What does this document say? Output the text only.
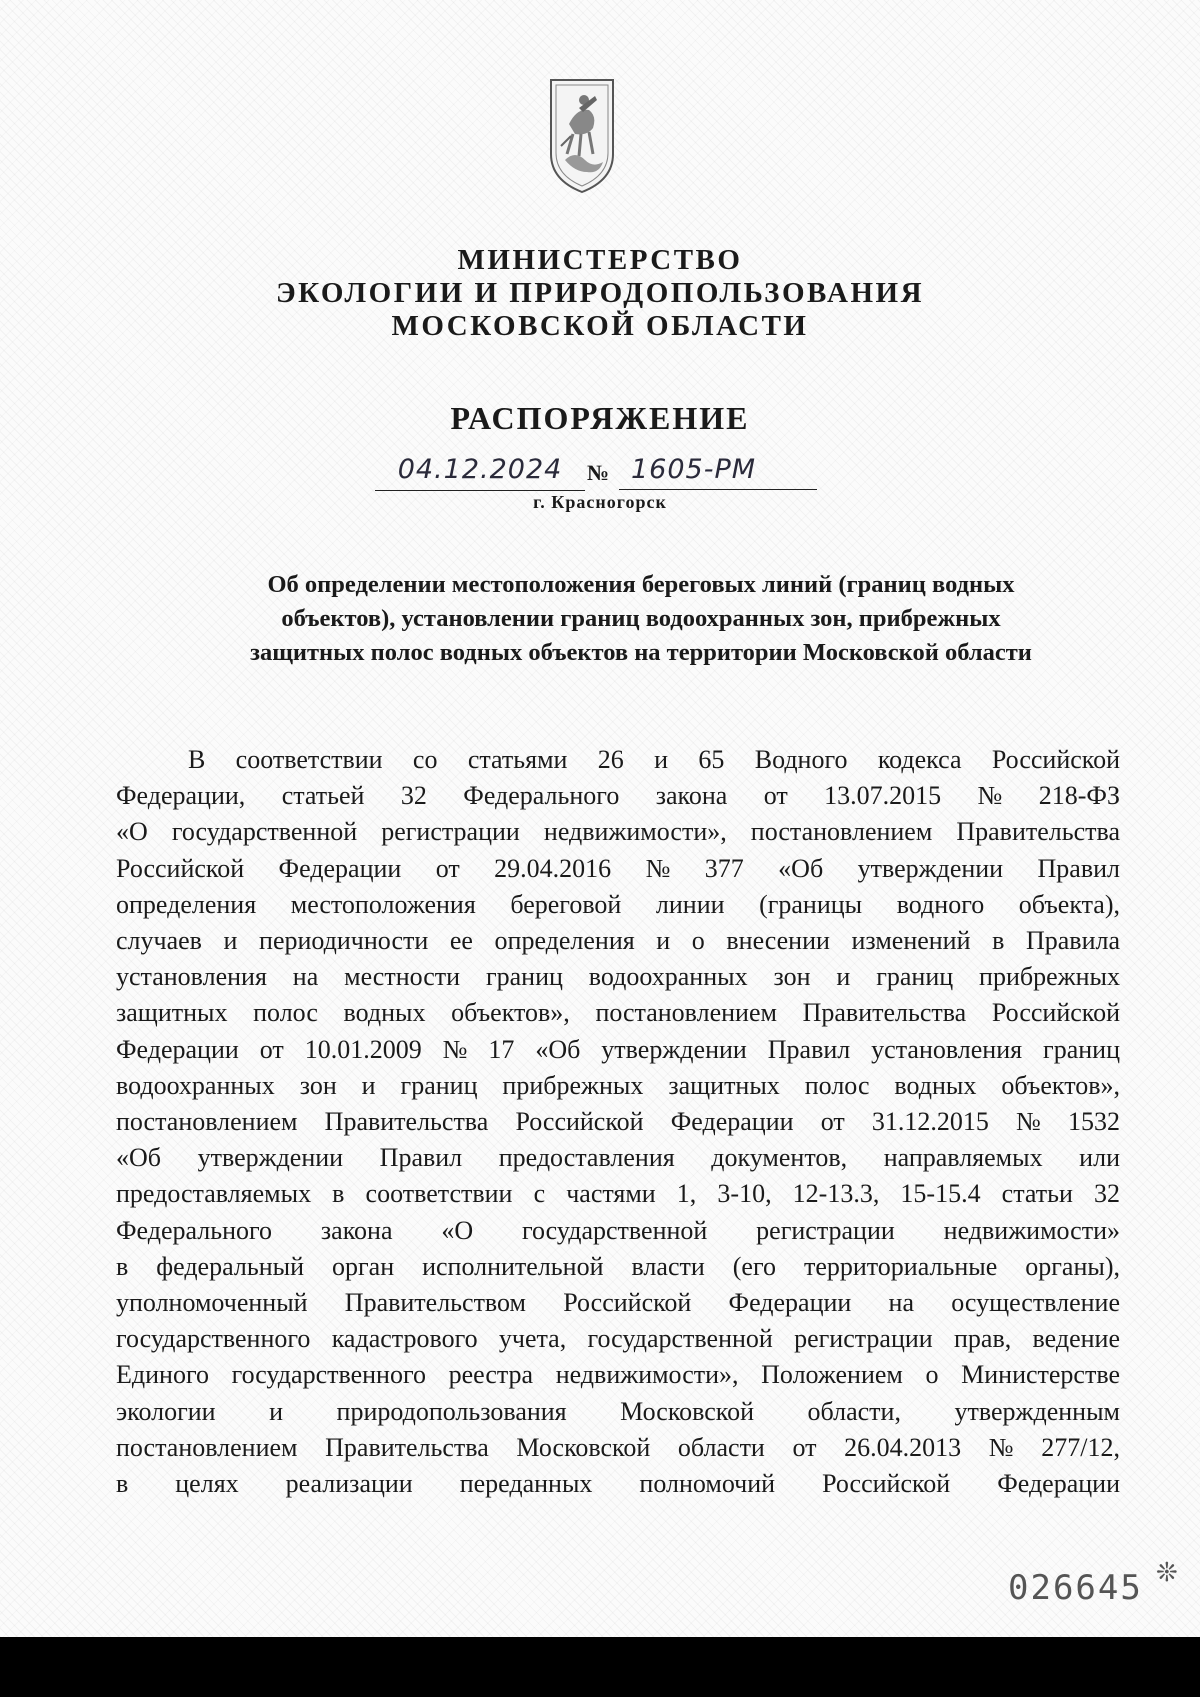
МИНИСТЕРСТВО
ЭКОЛОГИИ И ПРИРОДОПОЛЬЗОВАНИЯ
МОСКОВСКОЙ ОБЛАСТИ
РАСПОРЯЖЕНИЕ
04.12.2024	№ 1605-РМ
г. Красногорск
Об определении местоположения береговых линий (границ водных
объектов), установлении границ водоохранных зон, прибрежных
защитных полос водных объектов на территории Московской области
В соответствии со статьями 26 и 65 Водного кодекса Российской
Федерации, статьей 32 Федерального закона от 13.07.2015 № 218-ФЗ
«О государственной регистрации недвижимости», постановлением Правительства
Российской Федерации от 29.04.2016 № 377 «Об утверждении Правил
определения местоположения береговой линии (границы водного объекта),
случаев и периодичности ее определения и о внесении изменений в Правила
установления на местности границ водоохранных зон и границ прибрежных
защитных полос водных объектов», постановлением Правительства Российской
Федерации от 10.01.2009 № 17 «Об утверждении Правил установления границ
водоохранных зон и границ прибрежных защитных полос водных объектов»,
постановлением Правительства Российской Федерации от 31.12.2015 № 1532
«Об утверждении Правил предоставления документов, направляемых или
предоставляемых в соответствии с частями 1, 3-10, 12-13.3, 15-15.4 статьи 32
Федерального закона «О государственной регистрации недвижимости»
в федеральный орган исполнительной власти (его территориальные органы),
уполномоченный Правительством Российской Федерации на осуществление
государственного кадастрового учета, государственной регистрации прав, ведение
Единого государственного реестра недвижимости», Положением о Министерстве
экологии и природопользования Московской области, утвержденным
постановлением Правительства Московской области от 26.04.2013 № 277/12,
в целях реализации переданных полномочий Российской Федерации
026645 ❊
